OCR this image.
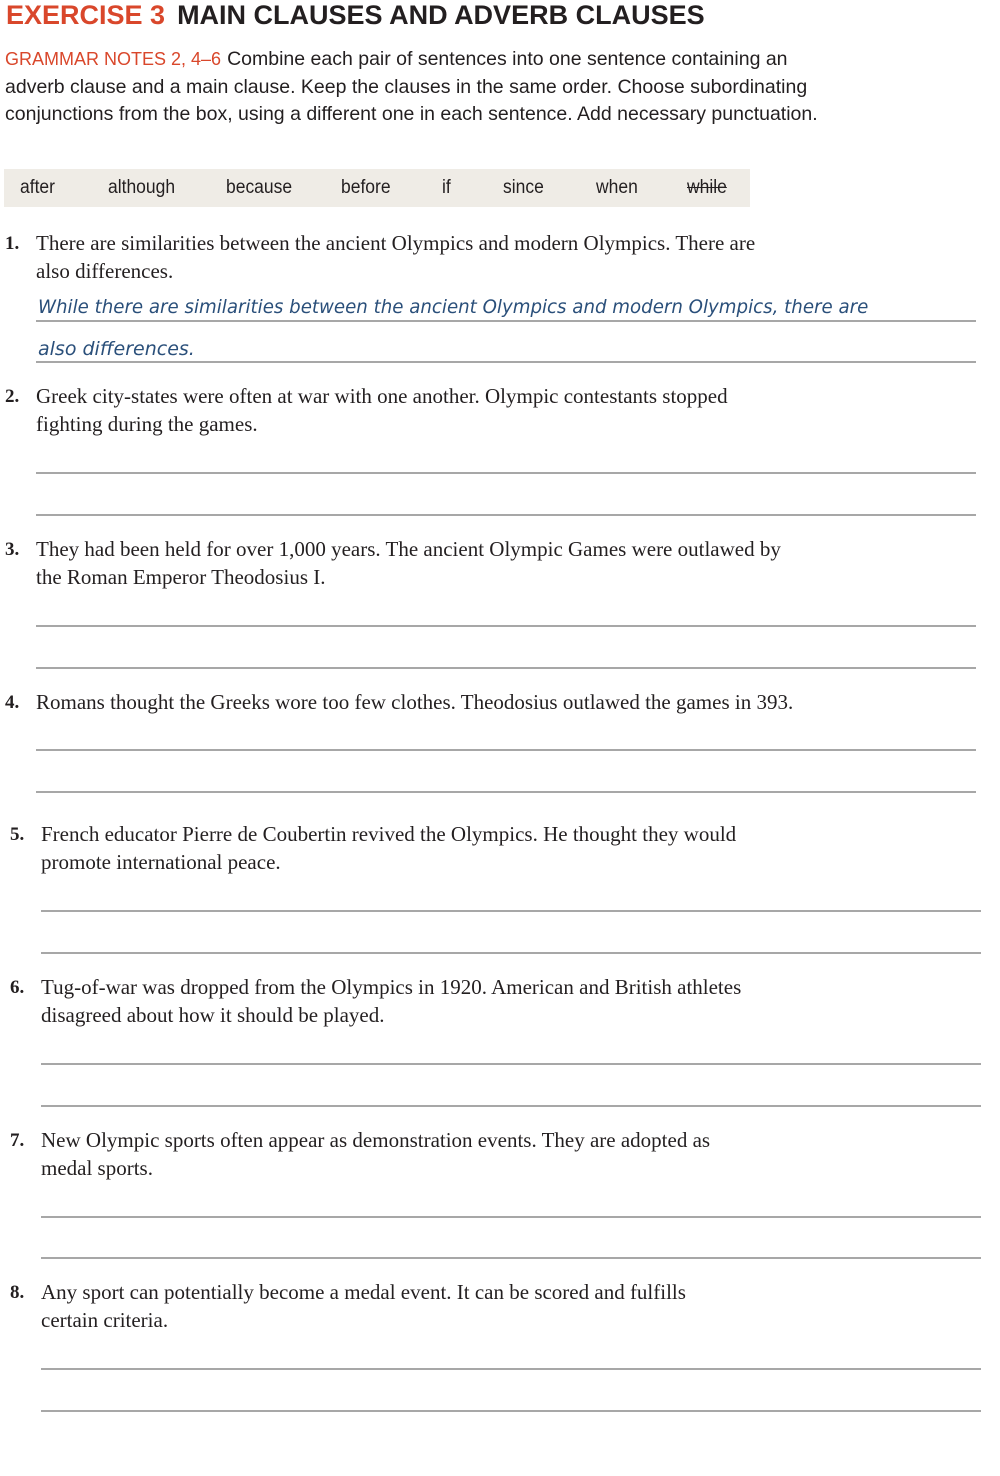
EXERCISE 3 MAIN CLAUSES AND ADVERB CLAUSES
GRAMMAR NOTES 2, 4–6 Combine each pair of sentences into one sentence containing an adverb clause and a main clause. Keep the clauses in the same order. Choose subordinating conjunctions from the box, using a different one in each sentence. Add necessary punctuation.
after	although	because	before	if	since	when	while
1. There are similarities between the ancient Olympics and modern Olympics. There are
also differences.
While there are similarities between the ancient Olympics and modern Olympics, there are
also differences.
2. Greek city-states were often at war with one another. Olympic contestants stopped
fighting during the games.
3. They had been held for over 1,000 years. The ancient Olympic Games were outlawed by
the Roman Emperor Theodosius I.
4. Romans thought the Greeks wore too few clothes. Theodosius outlawed the games in 393.
5. French educator Pierre de Coubertin revived the Olympics. He thought they would
promote international peace.
6. Tug-of-war was dropped from the Olympics in 1920. American and British athletes
disagreed about how it should be played.
7. New Olympic sports often appear as demonstration events. They are adopted as
medal sports.
8. Any sport can potentially become a medal event. It can be scored and fulfills
certain criteria.
